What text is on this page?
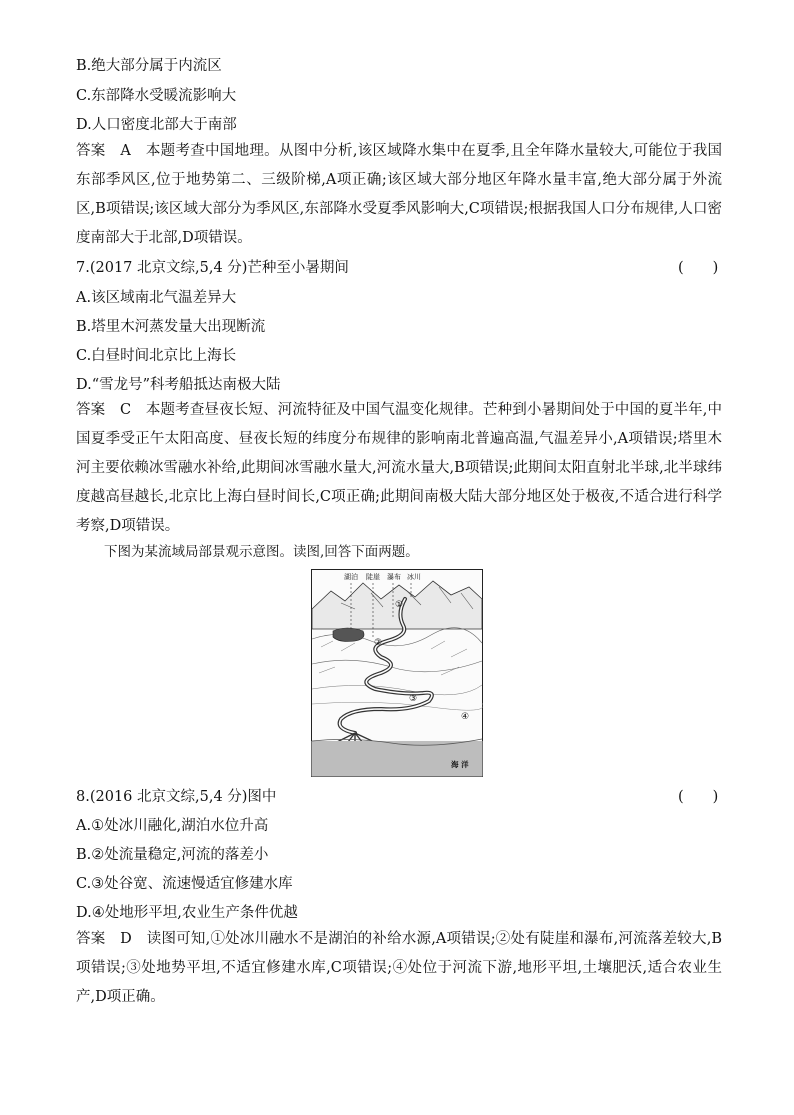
B.绝大部分属于内流区
C.东部降水受暖流影响大
D.人口密度北部大于南部
答案　A　本题考查中国地理。从图中分析,该区域降水集中在夏季,且全年降水量较大,可能位于我国东部季风区,位于地势第二、三级阶梯,A项正确;该区域大部分地区年降水量丰富,绝大部分属于外流区,B项错误;该区域大部分为季风区,东部降水受夏季风影响大,C项错误;根据我国人口分布规律,人口密度南部大于北部,D项错误。
7.(2017 北京文综,5,4 分)芒种至小暑期间	(　　)
A.该区域南北气温差异大
B.塔里木河蒸发量大出现断流
C.白昼时间北京比上海长
D.“雪龙号”科考船抵达南极大陆
答案　C　本题考查昼夜长短、河流特征及中国气温变化规律。芒种到小暑期间处于中国的夏半年,中国夏季受正午太阳高度、昼夜长短的纬度分布规律的影响南北普遍高温,气温差异小,A项错误;塔里木河主要依赖冰雪融水补给,此期间冰雪融水量大,河流水量大,B项错误;此期间太阳直射北半球,北半球纬度越高昼越长,北京比上海白昼时间长,C项正确;此期间南极大陆大部分地区处于极夜,不适合进行科学考察,D项错误。
下图为某流域局部景观示意图。读图,回答下面两题。
湖泊 陡崖 瀑布 冰川
①
②
③
④
海 洋
8.(2016 北京文综,5,4 分)图中	(　　)
A.①处冰川融化,湖泊水位升高
B.②处流量稳定,河流的落差小
C.③处谷宽、流速慢适宜修建水库
D.④处地形平坦,农业生产条件优越
答案　D　读图可知,①处冰川融水不是湖泊的补给水源,A项错误;②处有陡崖和瀑布,河流落差较大,B项错误;③处地势平坦,不适宜修建水库,C项错误;④处位于河流下游,地形平坦,土壤肥沃,适合农业生产,D项正确。
